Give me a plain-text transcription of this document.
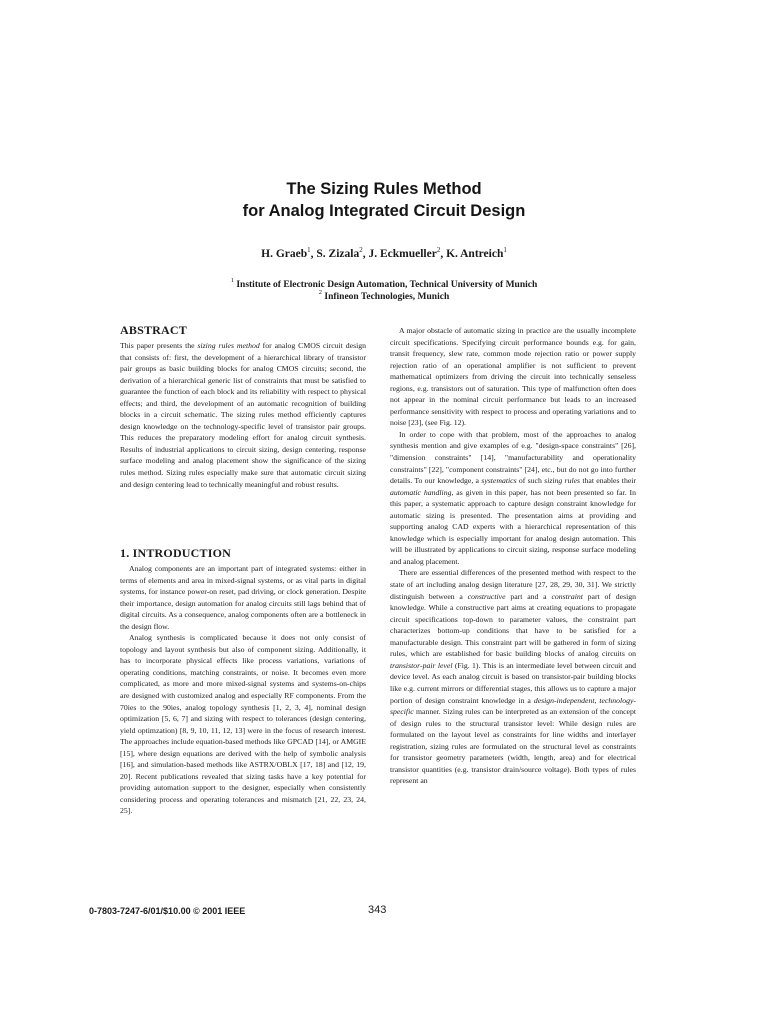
The Sizing Rules Method
for Analog Integrated Circuit Design
H. Graeb$^1$, S. Zizala$^2$, J. Eckmueller$^2$, K. Antreich$^1$
$^1$ Institute of Electronic Design Automation, Technical University of Munich
$^2$ Infineon Technologies, Munich
ABSTRACT

This paper presents the sizing rules method for analog CMOS circuit design that consists of: first, the development of a hierarchical library of transistor pair groups as basic building blocks for analog CMOS circuits; second, the derivation of a hierarchical generic list of constraints that must be satisfied to guarantee the function of each block and its reliability with respect to physical effects; and third, the development of an automatic recognition of building blocks in a circuit schematic. The sizing rules method efficiently captures design knowledge on the technology-specific level of transistor pair groups. This reduces the preparatory modeling effort for analog circuit synthesis. Results of industrial applications to circuit sizing, design centering, response surface modeling and analog placement show the significance of the sizing rules method. Sizing rules especially make sure that automatic circuit sizing and design centering lead to technically meaningful and robust results.

1. INTRODUCTION

Analog components are an important part of integrated systems: either in terms of elements and area in mixed-signal systems, or as vital parts in digital systems, for instance power-on reset, pad driving, or clock generation. Despite their importance, design automation for analog circuits still lags behind that of digital circuits. As a consequence, analog components often are a bottleneck in the design flow.

Analog synthesis is complicated because it does not only consist of topology and layout synthesis but also of component sizing. Additionally, it has to incorporate physical effects like process variations, variations of operating conditions, matching constraints, or noise. It becomes even more complicated, as more and more mixed-signal systems and systems-on-chips are designed with customized analog and especially RF components. From the 70ies to the 90ies, analog topology synthesis [1, 2, 3, 4], nominal design optimization [5, 6, 7] and sizing with respect to tolerances (design centering, yield optimzation) [8, 9, 10, 11, 12, 13] were in the focus of research interest. The approaches include equation-based methods like GPCAD [14], or AMGIE [15], where design equations are derived with the help of symbolic analysis [16], and simulation-based methods like ASTRX/OBLX [17, 18] and [12, 19, 20]. Recent publications revealed that sizing tasks have a key potential for providing automation support to the designer, especially when consistently considering process and operating tolerances and mismatch [21, 22, 23, 24, 25].

A major obstacle of automatic sizing in practice are the usually incomplete circuit specifications. Specifying circuit performance bounds e.g. for gain, transit frequency, slew rate, common mode rejection ratio or power supply rejection ratio of an operational amplifier is not sufficient to prevent mathematical optimizers from driving the circuit into technically senseless regions, e.g. transistors out of saturation. This type of malfunction often does not appear in the nominal circuit performance but leads to an increased performance sensitivity with respect to process and operating variations and to noise [23], (see Fig. 12).

In order to cope with that problem, most of the approaches to analog synthesis mention and give examples of e.g. "design-space constraints" [26], "dimension constraints" [14], "manufacturability and operationality constraints" [22], "component constraints" [24], etc., but do not go into further details. To our knowledge, a systematics of such sizing rules that enables their automatic handling, as given in this paper, has not been presented so far. In this paper, a systematic approach to capture design constraint knowledge for automatic sizing is presented. The presentation aims at providing and supporting analog CAD experts with a hierarchical representation of this knowledge which is especially important for analog design automation. This will be illustrated by applications to circuit sizing, response surface modeling and analog placement.

There are essential differences of the presented method with respect to the state of art including analog design literature [27, 28, 29, 30, 31]. We strictly distinguish between a constructive part and a constraint part of design knowledge. While a constructive part aims at creating equations to propagate circuit specifications top-down to parameter values, the constraint part characterizes bottom-up conditions that have to be satisfied for a manufacturable design. This constraint part will be gathered in form of sizing rules, which are established for basic building blocks of analog circuits on transistor-pair level (Fig. 1). This is an intermediate level between circuit and device level. As each analog circuit is based on transistor-pair building blocks like e.g. current mirrors or differential stages, this allows us to capture a major portion of design constraint knowledge in a design-independent, technology-specific manner. Sizing rules can be interpreted as an extension of the concept of design rules to the structural transistor level: While design rules are formulated on the layout level as constraints for line widths and interlayer registration, sizing rules are formulated on the structural level as constraints for transistor geometry parameters (width, length, area) and for electrical transistor quantities (e.g. transistor drain/source voltage). Both types of rules represent an

0-7803-7247-6/01/$10.00 © 2001 IEEE	343
